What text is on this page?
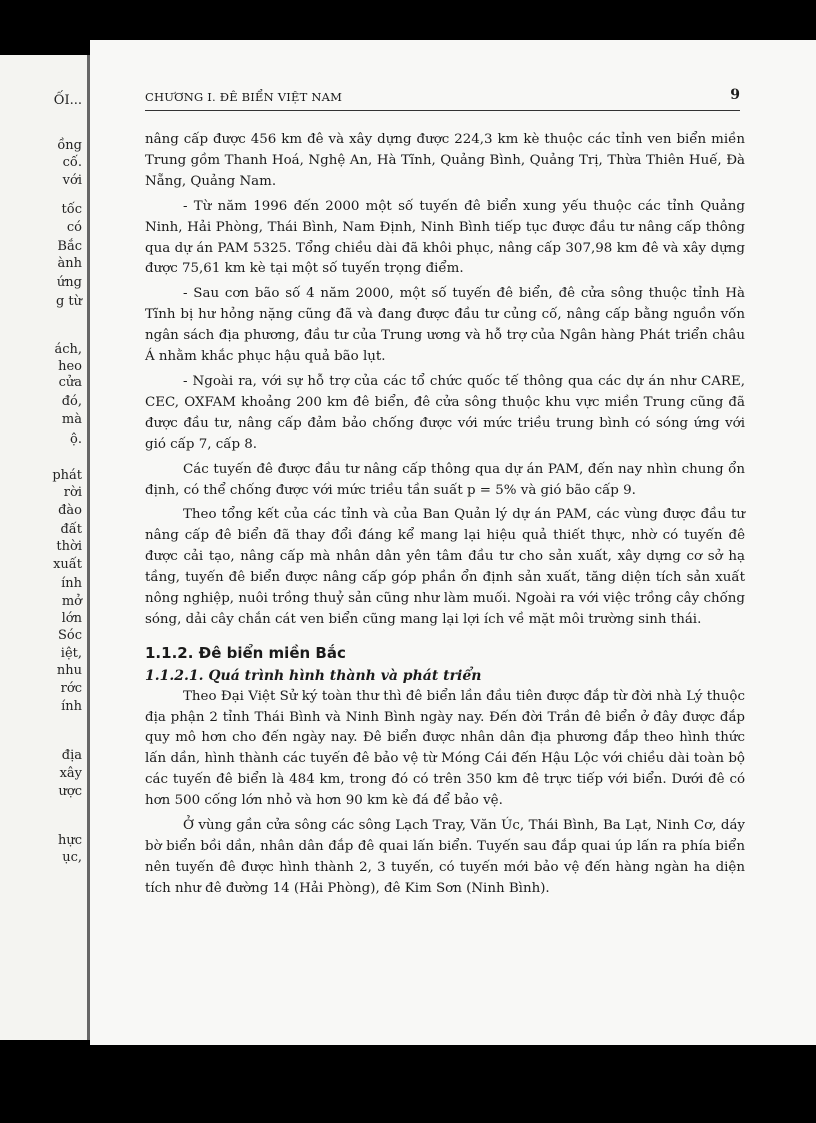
ỐI...
ồng
cố.
với
tốc
có
Bắc
ành
ứng
g từ
ách,
heo
cửa
đó,
mà
ộ.
phát
rời
đào
đất
thời
xuất
ính
mở
lớn
Sóc
iệt,
nhu
rớc
ính
địa
xây
ược
hực
ục,
CHƯƠNG I. ĐÊ BIỂN VIỆT NAM	9

nâng cấp được 456 km đê và xây dựng được 224,3 km kè thuộc các tỉnh ven biển miền Trung gồm Thanh Hoá, Nghệ An, Hà Tĩnh, Quảng Bình, Quảng Trị, Thừa Thiên Huế, Đà Nẵng, Quảng Nam.

- Từ năm 1996 đến 2000 một số tuyến đê biển xung yếu thuộc các tỉnh Quảng Ninh, Hải Phòng, Thái Bình, Nam Định, Ninh Bình tiếp tục được đầu tư nâng cấp thông qua dự án PAM 5325. Tổng chiều dài đã khôi phục, nâng cấp 307,98 km đê và xây dựng được 75,61 km kè tại một số tuyến trọng điểm.

- Sau cơn bão số 4 năm 2000, một số tuyến đê biển, đê cửa sông thuộc tỉnh Hà Tĩnh bị hư hỏng nặng cũng đã và đang được đầu tư củng cố, nâng cấp bằng nguồn vốn ngân sách địa phương, đầu tư của Trung ương và hỗ trợ của Ngân hàng Phát triển châu Á nhằm khắc phục hậu quả bão lụt.

- Ngoài ra, với sự hỗ trợ của các tổ chức quốc tế thông qua các dự án như CARE, CEC, OXFAM khoảng 200 km đê biển, đê cửa sông thuộc khu vực miền Trung cũng đã được đầu tư, nâng cấp đảm bảo chống được với mức triều trung bình có sóng ứng với gió cấp 7, cấp 8.

Các tuyến đê được đầu tư nâng cấp thông qua dự án PAM, đến nay nhìn chung ổn định, có thể chống được với mức triều tần suất p = 5% và gió bão cấp 9.

Theo tổng kết của các tỉnh và của Ban Quản lý dự án PAM, các vùng được đầu tư nâng cấp đê biển đã thay đổi đáng kể mang lại hiệu quả thiết thực, nhờ có tuyến đê được cải tạo, nâng cấp mà nhân dân yên tâm đầu tư cho sản xuất, xây dựng cơ sở hạ tầng, tuyến đê biển được nâng cấp góp phần ổn định sản xuất, tăng diện tích sản xuất nông nghiệp, nuôi trồng thuỷ sản cũng như làm muối. Ngoài ra với việc trồng cây chống sóng, dải cây chắn cát ven biển cũng mang lại lợi ích về mặt môi trường sinh thái.

1.1.2. Đê biển miền Bắc
1.1.2.1. Quá trình hình thành và phát triển

Theo Đại Việt Sử ký toàn thư thì đê biển lần đầu tiên được đắp từ đời nhà Lý thuộc địa phận 2 tỉnh Thái Bình và Ninh Bình ngày nay. Đến đời Trần đê biển ở đây được đắp quy mô hơn cho đến ngày nay. Đê biển được nhân dân địa phương đắp theo hình thức lấn dần, hình thành các tuyến đê bảo vệ từ Móng Cái đến Hậu Lộc với chiều dài toàn bộ các tuyến đê biển là 484 km, trong đó có trên 350 km đê trực tiếp với biển. Dưới đê có hơn 500 cống lớn nhỏ và hơn 90 km kè đá để bảo vệ.

Ở vùng gần cửa sông các sông Lạch Tray, Văn Úc, Thái Bình, Ba Lạt, Ninh Cơ, dáy bờ biển bồi dần, nhân dân đắp đê quai lấn biển. Tuyến sau đắp quai úp lấn ra phía biển nên tuyến đê được hình thành 2, 3 tuyến, có tuyến mới bảo vệ đến hàng ngàn ha diện tích như đê đường 14 (Hải Phòng), đê Kim Sơn (Ninh Bình).
